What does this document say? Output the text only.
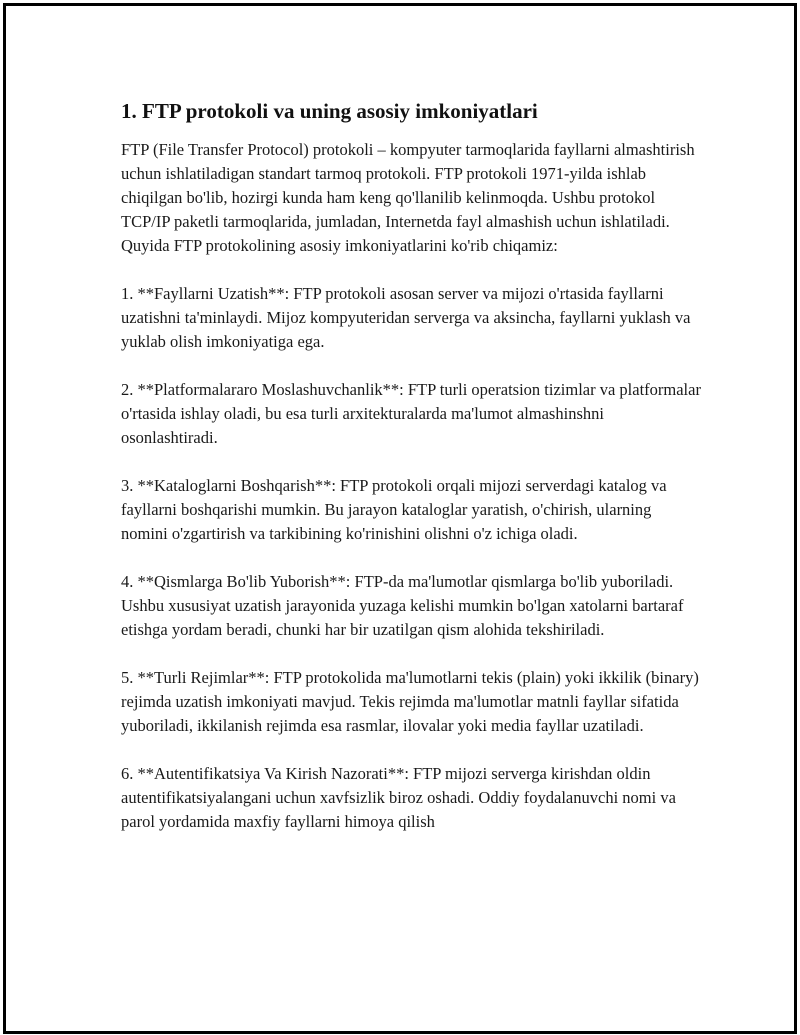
1. FTP protokoli va uning asosiy imkoniyatlari

FTP (File Transfer Protocol) protokoli – kompyuter tarmoqlarida fayllarni almashtirish uchun ishlatiladigan standart tarmoq protokoli. FTP protokoli 1971-yilda ishlab chiqilgan bo'lib, hozirgi kunda ham keng qo'llanilib kelinmoqda. Ushbu protokol TCP/IP paketli tarmoqlarida, jumladan, Internetda fayl almashish uchun ishlatiladi. Quyida FTP protokolining asosiy imkoniyatlarini ko'rib chiqamiz:

1. **Fayllarni Uzatish**: FTP protokoli asosan server va mijozi o'rtasida fayllarni uzatishni ta'minlaydi. Mijoz kompyuteridan serverga va aksincha, fayllarni yuklash va yuklab olish imkoniyatiga ega.

2. **Platformalararo Moslashuvchanlik**: FTP turli operatsion tizimlar va platformalar o'rtasida ishlay oladi, bu esa turli arxitekturalarda ma'lumot almashinshni osonlashtiradi.

3. **Kataloglarni Boshqarish**: FTP protokoli orqali mijozi serverdagi katalog va fayllarni boshqarishi mumkin. Bu jarayon kataloglar yaratish, o'chirish, ularning nomini o'zgartirish va tarkibining ko'rinishini olishni o'z ichiga oladi.

4. **Qismlarga Bo'lib Yuborish**: FTP-da ma'lumotlar qismlarga bo'lib yuboriladi. Ushbu xususiyat uzatish jarayonida yuzaga kelishi mumkin bo'lgan xatolarni bartaraf etishga yordam beradi, chunki har bir uzatilgan qism alohida tekshiriladi.

5. **Turli Rejimlar**: FTP protokolida ma'lumotlarni tekis (plain) yoki ikkilik (binary) rejimda uzatish imkoniyati mavjud. Tekis rejimda ma'lumotlar matnli fayllar sifatida yuboriladi, ikkilanish rejimda esa rasmlar, ilovalar yoki media fayllar uzatiladi.

6. **Autentifikatsiya Va Kirish Nazorati**: FTP mijozi serverga kirishdan oldin autentifikatsiyalangani uchun xavfsizlik biroz oshadi. Oddiy foydalanuvchi nomi va parol yordamida maxfiy fayllarni himoya qilish
